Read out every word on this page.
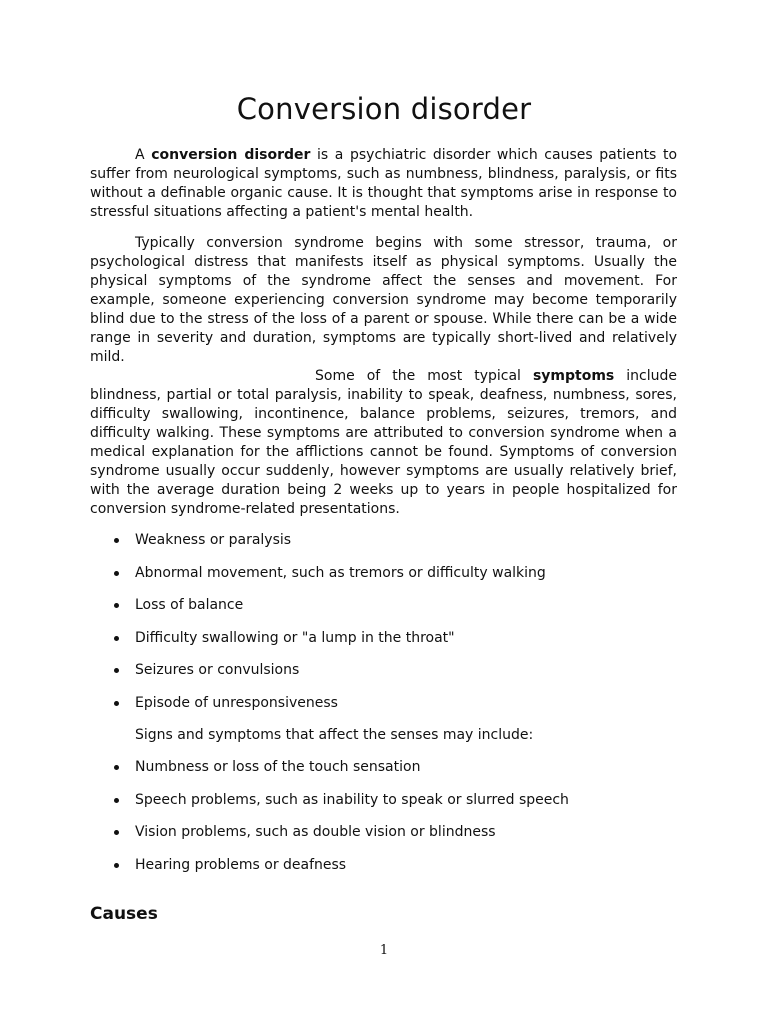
Conversion disorder

A conversion disorder is a psychiatric disorder which causes patients to suffer from neurological symptoms, such as numbness, blindness, paralysis, or fits without a definable organic cause. It is thought that symptoms arise in response to stressful situations affecting a patient's mental health.

Typically conversion syndrome begins with some stressor, trauma, or psychological distress that manifests itself as physical symptoms. Usually the physical symptoms of the syndrome affect the senses and movement. For example, someone experiencing conversion syndrome may become temporarily blind due to the stress of the loss of a parent or spouse. While there can be a wide range in severity and duration, symptoms are typically short-lived and relatively mild.

Some of the most typical symptoms include blindness, partial or total paralysis, inability to speak, deafness, numbness, sores, difficulty swallowing, incontinence, balance problems, seizures, tremors, and difficulty walking. These symptoms are attributed to conversion syndrome when a medical explanation for the afflictions cannot be found. Symptoms of conversion syndrome usually occur suddenly, however symptoms are usually relatively brief, with the average duration being 2 weeks up to years in people hospitalized for conversion syndrome-related presentations.

Weakness or paralysis
Abnormal movement, such as tremors or difficulty walking
Loss of balance
Difficulty swallowing or "a lump in the throat"
Seizures or convulsions
Episode of unresponsiveness

Signs and symptoms that affect the senses may include:

Numbness or loss of the touch sensation
Speech problems, such as inability to speak or slurred speech
Vision problems, such as double vision or blindness
Hearing problems or deafness
Causes
1
